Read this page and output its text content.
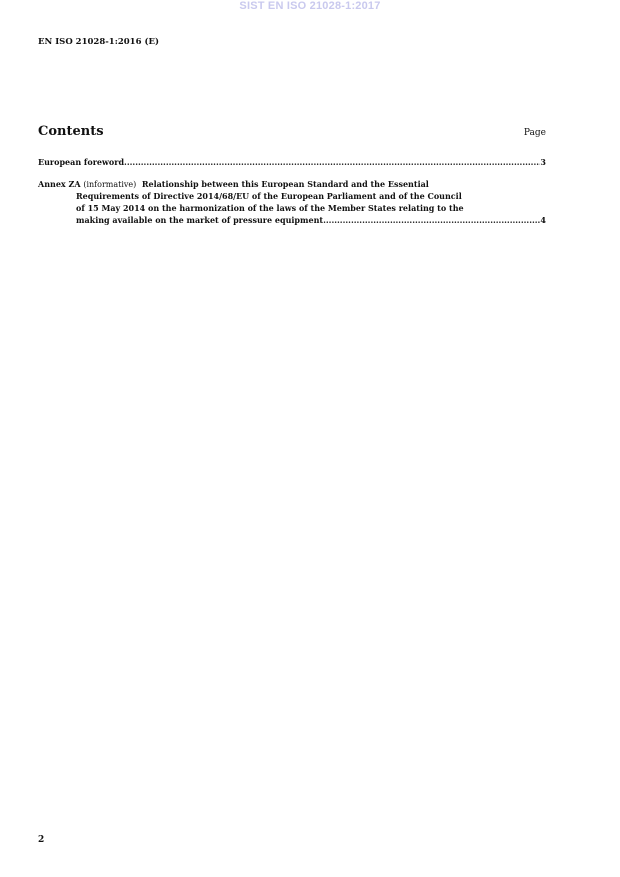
SIST EN ISO 21028-1:2017
EN ISO 21028-1:2016 (E)
Contents	Page
European foreword .....	3
Annex ZA (informative) Relationship between this European Standard and the Essential
Requirements of Directive 2014/68/EU of the European Parliament and of the Council
of 15 May 2014 on the harmonization of the laws of the Member States relating to the
making available on the market of pressure equipment .....	4
2
